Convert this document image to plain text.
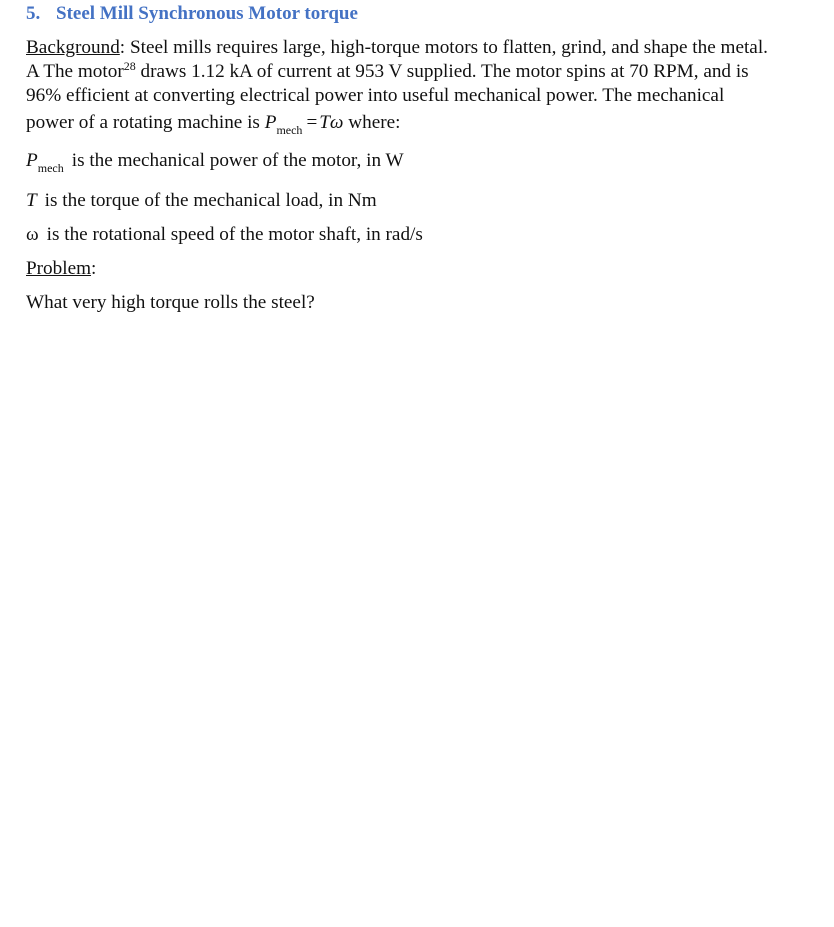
5. Steel Mill Synchronous Motor torque
Background: Steel mills requires large, high-torque motors to flatten, grind, and shape the metal.
A The motor$^{28}$ draws 1.12 kA of current at 953 V supplied. The motor spins at 70 RPM, and is
96% efficient at converting electrical power into useful mechanical power. The mechanical
power of a rotating machine is $P_{mech} = T\omega$ where:
$P_{mech}$ is the mechanical power of the motor, in W
T is the torque of the mechanical load, in Nm
ω is the rotational speed of the motor shaft, in rad/s
Problem:
What very high torque rolls the steel?
